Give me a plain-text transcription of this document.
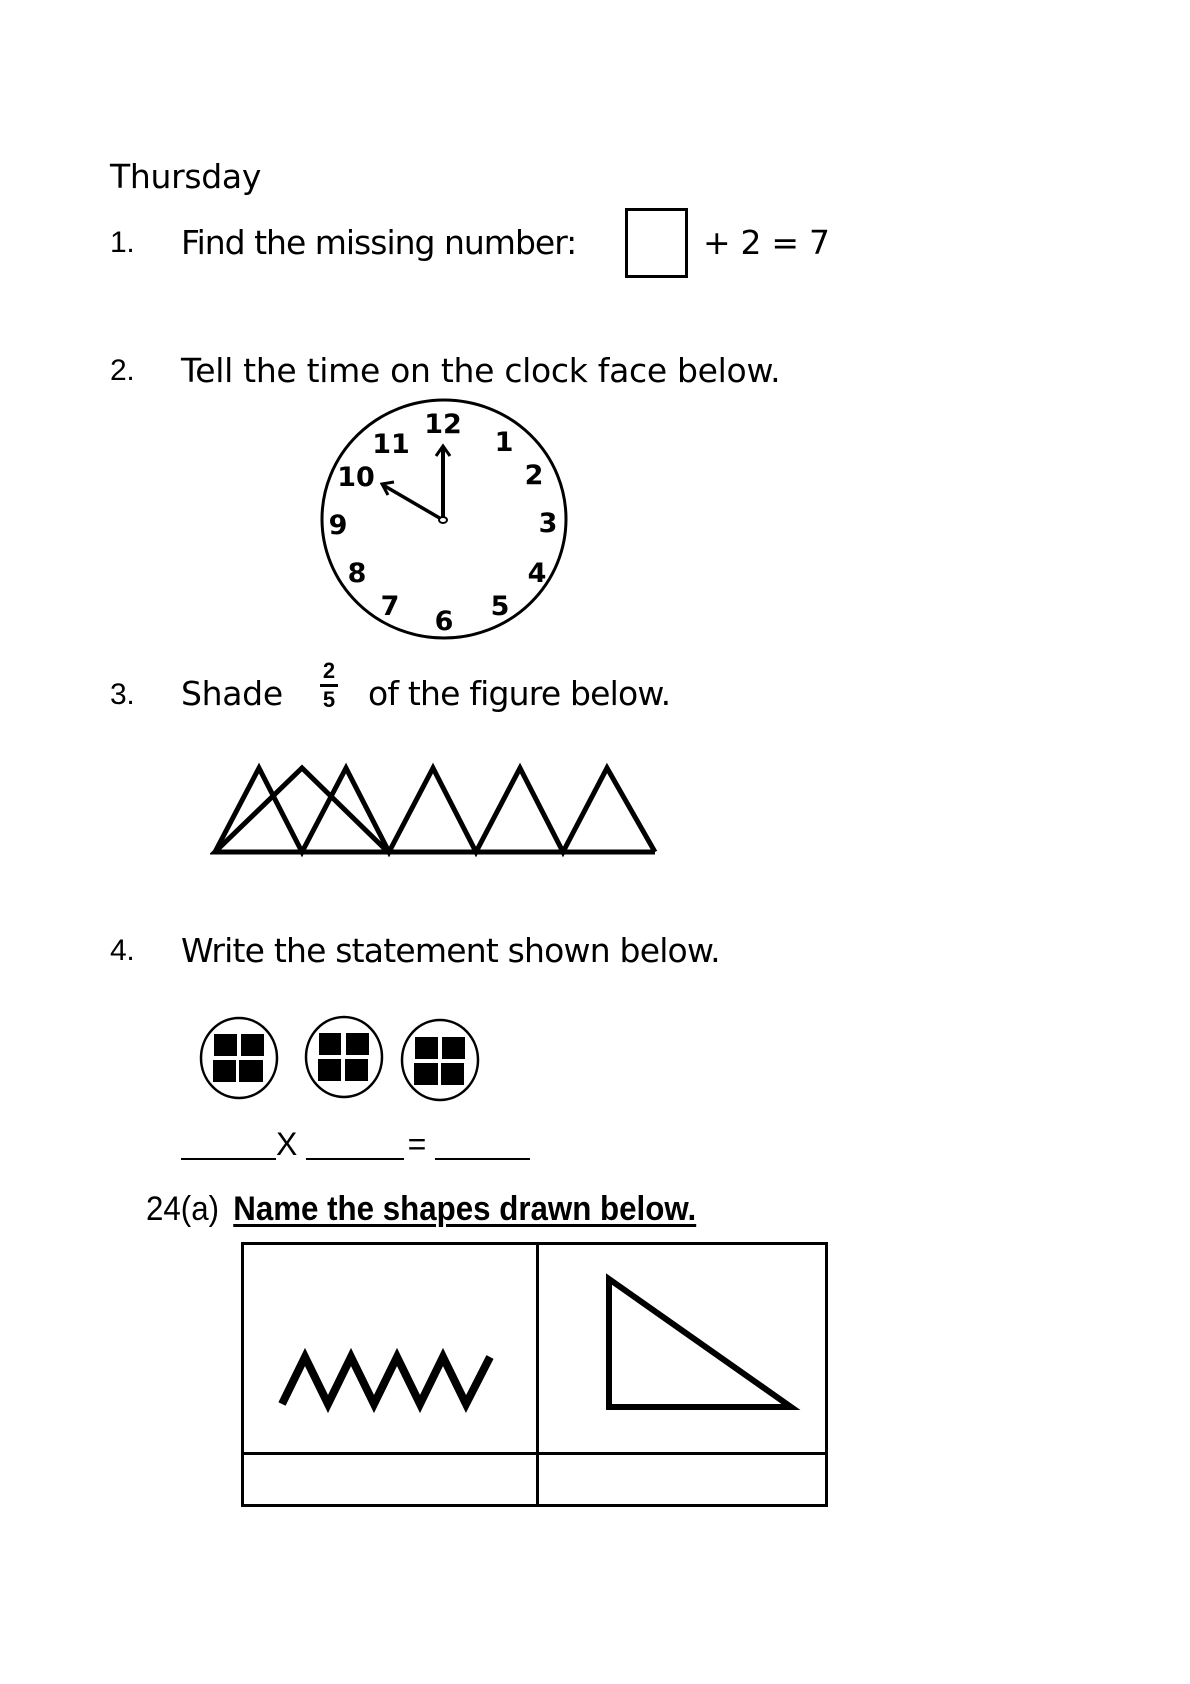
Thursday
1. Find the missing number:	+ 2 = 7
2. Tell the time on the clock face below.
12
1
2
3
4
5
6
7
8
9
10
11
3. Shade
2
5 of the figure below.
4. Write the statement shown below.
X	=
24(a) Name the shapes drawn below.
